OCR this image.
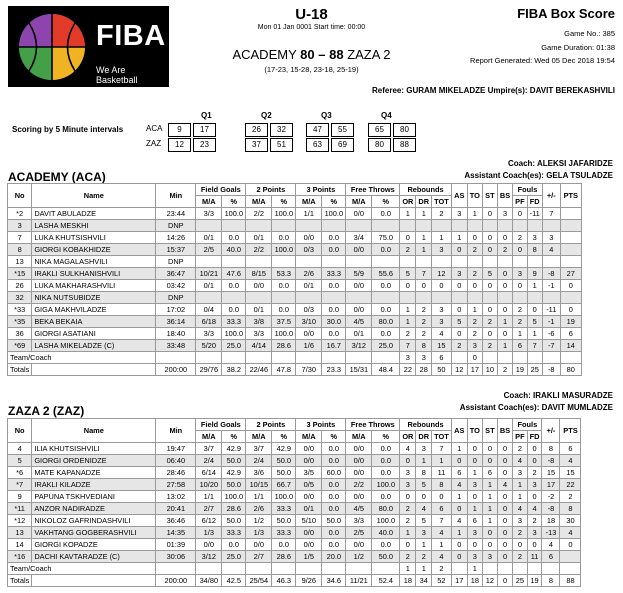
FIBA
We Are Basketball
U-18
Mon 01 Jan 0001 Start time: 00:00
FIBA Box Score
Game No.: 385
Game Duration: 01:38
Report Generated: Wed 05 Dec 2018 19:54
ACADEMY 80 – 88 ZAZA 2
(17-23, 15-28, 23-18, 25-19)
Referee: GURAM MIKELADZE Umpire(s): DAVIT BEREKASHVILI
Scoring by 5 Minute intervals
Q1	Q2	Q3	Q4
ACA
ZAZ
9	17	26	32	47	55	65	80
12	23	37	51	63	69	80	88
Coach: ALEKSI JAFARIDZE
Assistant Coach(es): GELA TSULADZE
ACADEMY (ACA)
No	Name	Min	Field Goals		2 Points		3 Points		Free Throws		Rebounds			AS	TO	ST	BS	Fouls		+/-	PTS
			M/A	%	M/A	%	M/A	%	M/A	%	OR	DR	TOT					PF	FD		
*2	DAVIT ABULADZE	23:44	3/3	100.0	2/2	100.0	1/1	100.0	0/0	0.0	1	1	2	3	1	0	3	0	-11	7	
3	LASHA MESKHI	DNP																			
7	LUKA KHUTSISHVILI	14:26	0/1	0.0	0/1	0.0	0/0	0.0	3/4	75.0	0	1	1	1	0	0	0	2	3	3	
8	GIORGI KOBAKHIDZE	15:37	2/5	40.0	2/2	100.0	0/3	0.0	0/0	0.0	2	1	3	0	2	0	2	0	8	4	
13	NIKA MAGALASHVILI	DNP																			
*15	IRAKLI SULKHANISHVILI	36:47	10/21	47.6	8/15	53.3	2/6	33.3	5/9	55.6	5	7	12	3	2	5	0	3	9	-8	27
26	LUKA MAKHARASHVILI	03:42	0/1	0.0	0/0	0.0	0/1	0.0	0/0	0.0	0	0	0	0	0	0	0	0	1	-1	0
32	NIKA NUTSUBIDZE	DNP																			
*33	GIGA MAKHVILADZE	17:02	0/4	0.0	0/1	0.0	0/3	0.0	0/0	0.0	1	2	3	0	1	0	0	2	0	-11	0
*35	BEKA BEKAIA	36:14	6/18	33.3	3/8	37.5	3/10	30.0	4/5	80.0	1	2	3	5	2	2	1	2	5	-1	19
36	GIORGI ASATIANI	18:40	3/3	100.0	3/3	100.0	0/0	0.0	0/1	0.0	2	2	4	0	2	0	0	1	1	-6	6
*69	LASHA MIKELADZE (C)	33:48	5/20	25.0	4/14	28.6	1/6	16.7	3/12	25.0	7	8	15	2	3	2	1	6	7	-7	14
Team/Coach											3	3	6		0						
Totals		200:00	29/76	38.2	22/46	47.8	7/30	23.3	15/31	48.4	22	28	50	12	17	10	2	19	25	-8	80
Coach: IRAKLI MASURADZE
Assistant Coach(es): DAVIT MUMLADZE
ZAZA 2 (ZAZ)
No	Name	Min	Field Goals		2 Points		3 Points		Free Throws		Rebounds			AS	TO	ST	BS	Fouls		+/-	PTS
			M/A	%	M/A	%	M/A	%	M/A	%	OR	DR	TOT					PF	FD		
4	ILIA KHUTSISHVILI	19:47	3/7	42.9	3/7	42.9	0/0	0.0	0/0	0.0	4	3	7	1	0	0	0	2	0	8	6
5	GIORGI ORDENIDZE	06:40	2/4	50.0	2/4	50.0	0/0	0.0	0/0	0.0	0	1	1	0	0	0	0	4	0	-8	4
*6	MATE KAPANADZE	28:46	6/14	42.9	3/6	50.0	3/5	60.0	0/0	0.0	3	8	11	6	1	6	0	3	2	15	15
*7	IRAKLI KILADZE	27:58	10/20	50.0	10/15	66.7	0/5	0.0	2/2	100.0	3	5	8	4	3	1	4	1	3	17	22
9	PAPUNA TSKHVEDIANI	13:02	1/1	100.0	1/1	100.0	0/0	0.0	0/0	0.0	0	0	0	1	0	1	0	1	0	-2	2
*11	ANZOR NADIRADZE	20:41	2/7	28.6	2/6	33.3	0/1	0.0	4/5	80.0	2	4	6	0	1	1	0	4	4	-8	8
*12	NIKOLOZ GAFRINDASHVILI	36:46	6/12	50.0	1/2	50.0	5/10	50.0	3/3	100.0	2	5	7	4	6	1	0	3	2	18	30
13	VAKHTANG GOGBERASHVILI	14:35	1/3	33.3	1/3	33.3	0/0	0.0	2/5	40.0	1	3	4	1	3	0	0	2	3	-13	4
14	GIORGI KOPADZE	01:39	0/0	0.0	0/0	0.0	0/0	0.0	0/0	0.0	0	1	1	0	0	0	0	0	0	4	0
*16	DACHI KAVTARADZE (C)	30:06	3/12	25.0	2/7	28.6	1/5	20.0	1/2	50.0	2	2	4	0	3	3	0	2	11	6	
Team/Coach											1	1	2		1						
Totals		200:00	34/80	42.5	25/54	46.3	9/26	34.6	11/21	52.4	18	34	52	17	18	12	0	25	19	8	88
